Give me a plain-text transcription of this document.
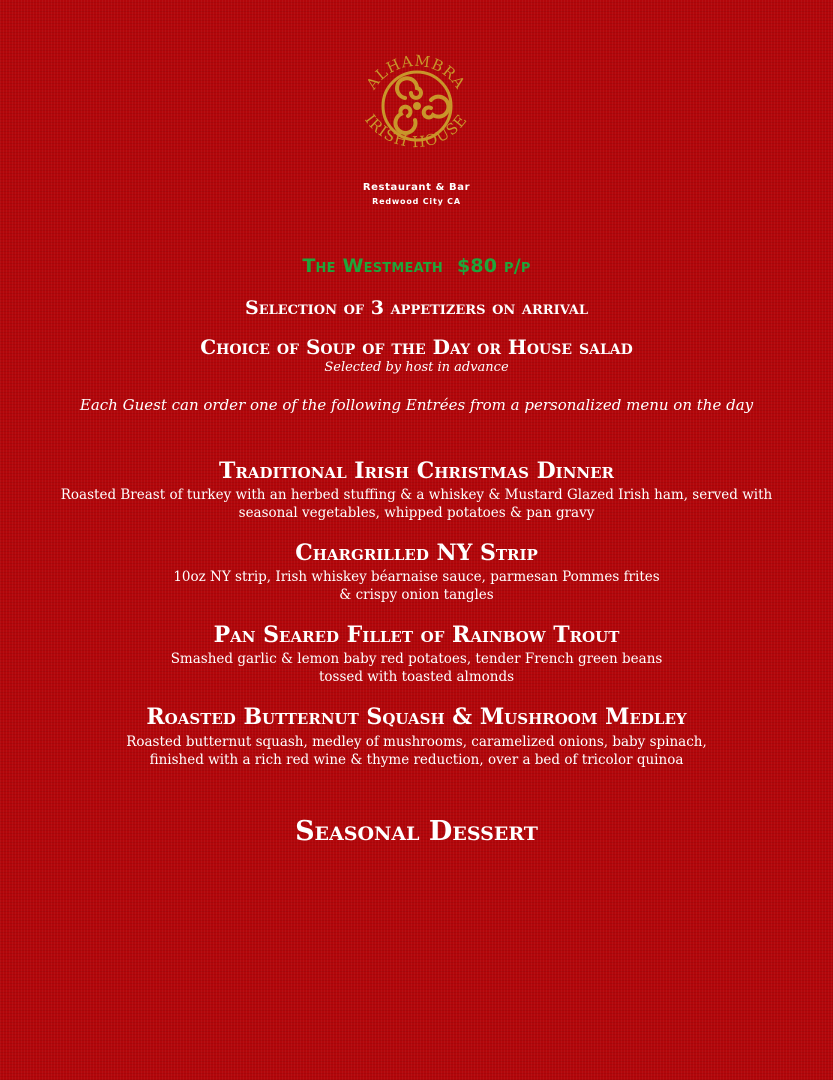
ALHAMBRA
IRISH HOUSE
Restaurant & Bar
Redwood City CA
The Westmeath $80 p/p
Selection of 3 appetizers on arrival
Choice of Soup of the Day or House salad
Selected by host in advance
Each Guest can order one of the following Entrées from a personalized menu on the day
Traditional Irish Christmas Dinner
Roasted Breast of turkey with an herbed stuffing & a whiskey & Mustard Glazed Irish ham, served with
seasonal vegetables, whipped potatoes & pan gravy
Chargrilled NY Strip
10oz NY strip, Irish whiskey béarnaise sauce, parmesan Pommes frites
& crispy onion tangles
Pan Seared Fillet of Rainbow Trout
Smashed garlic & lemon baby red potatoes, tender French green beans
tossed with toasted almonds
Roasted Butternut Squash & Mushroom Medley
Roasted butternut squash, medley of mushrooms, caramelized onions, baby spinach,
finished with a rich red wine & thyme reduction, over a bed of tricolor quinoa
Seasonal Dessert
